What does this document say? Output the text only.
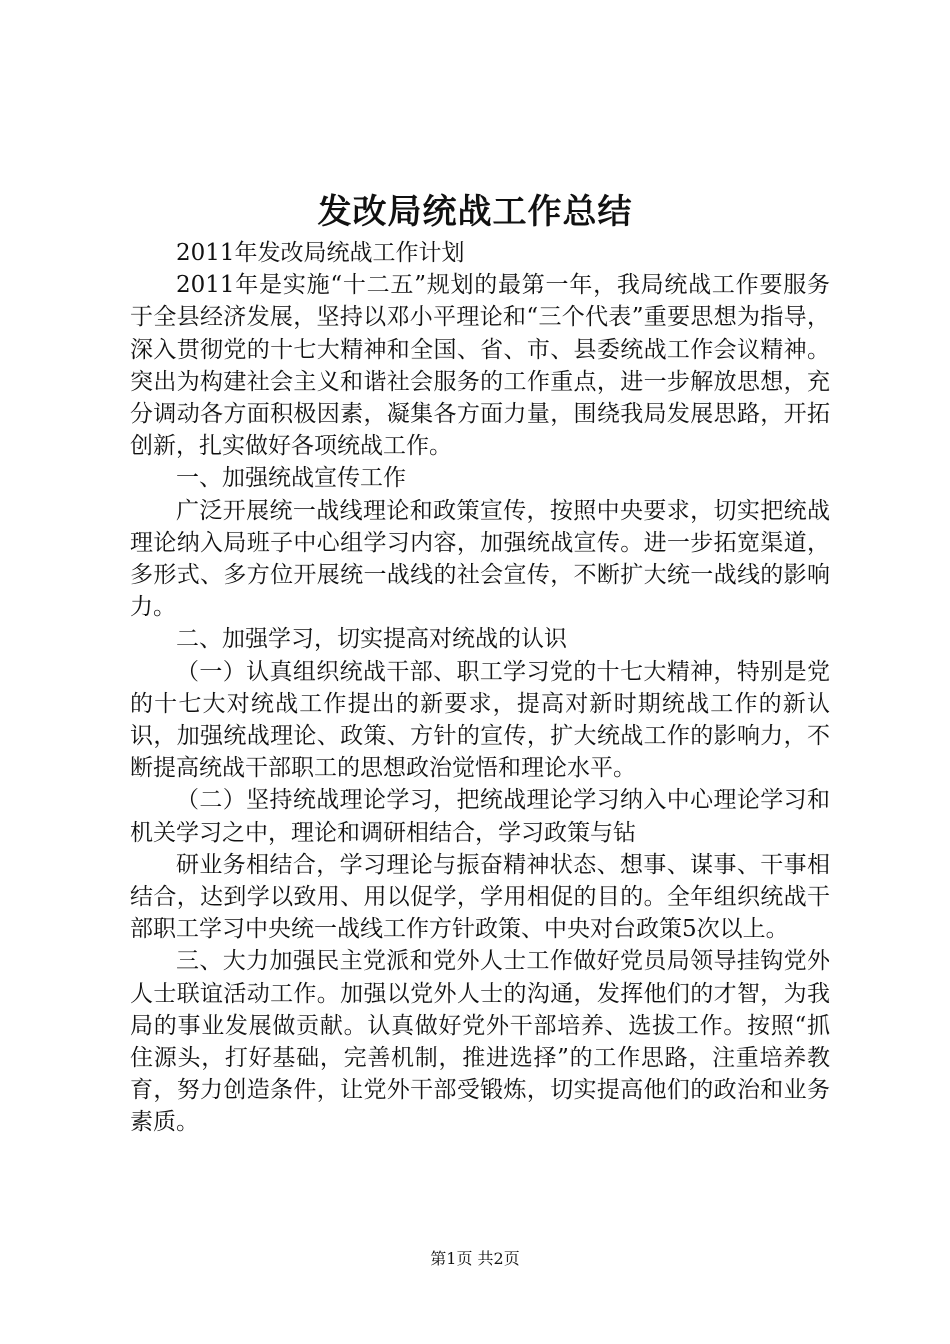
发改局统战工作总结

2011年发改局统战工作计划

2011年是实施“十二五”规划的最第一年，我局统战工作要服务于全县经济发展，坚持以邓小平理论和“三个代表”重要思想为指导，深入贯彻党的十七大精神和全国、省、市、县委统战工作会议精神。突出为构建社会主义和谐社会服务的工作重点，进一步解放思想，充分调动各方面积极因素，凝集各方面力量，围绕我局发展思路，开拓创新，扎实做好各项统战工作。

一、加强统战宣传工作

广泛开展统一战线理论和政策宣传，按照中央要求，切实把统战理论纳入局班子中心组学习内容，加强统战宣传。进一步拓宽渠道，多形式、多方位开展统一战线的社会宣传，不断扩大统一战线的影响力。

二、加强学习，切实提高对统战的认识

（一）认真组织统战干部、职工学习党的十七大精神，特别是党的十七大对统战工作提出的新要求，提高对新时期统战工作的新认识，加强统战理论、政策、方针的宣传，扩大统战工作的影响力，不断提高统战干部职工的思想政治觉悟和理论水平。

（二）坚持统战理论学习，把统战理论学习纳入中心理论学习和机关学习之中，理论和调研相结合，学习政策与钻

研业务相结合，学习理论与振奋精神状态、想事、谋事、干事相结合，达到学以致用、用以促学，学用相促的目的。全年组织统战干部职工学习中央统一战线工作方针政策、中央对台政策5次以上。

三、大力加强民主党派和党外人士工作做好党员局领导挂钩党外人士联谊活动工作。加强以党外人士的沟通，发挥他们的才智，为我局的事业发展做贡献。认真做好党外干部培养、选拔工作。按照“抓住源头，打好基础，完善机制，推进选择”的工作思路，注重培养教育，努力创造条件，让党外干部受锻炼，切实提高他们的政治和业务素质。

第1页 共2页
